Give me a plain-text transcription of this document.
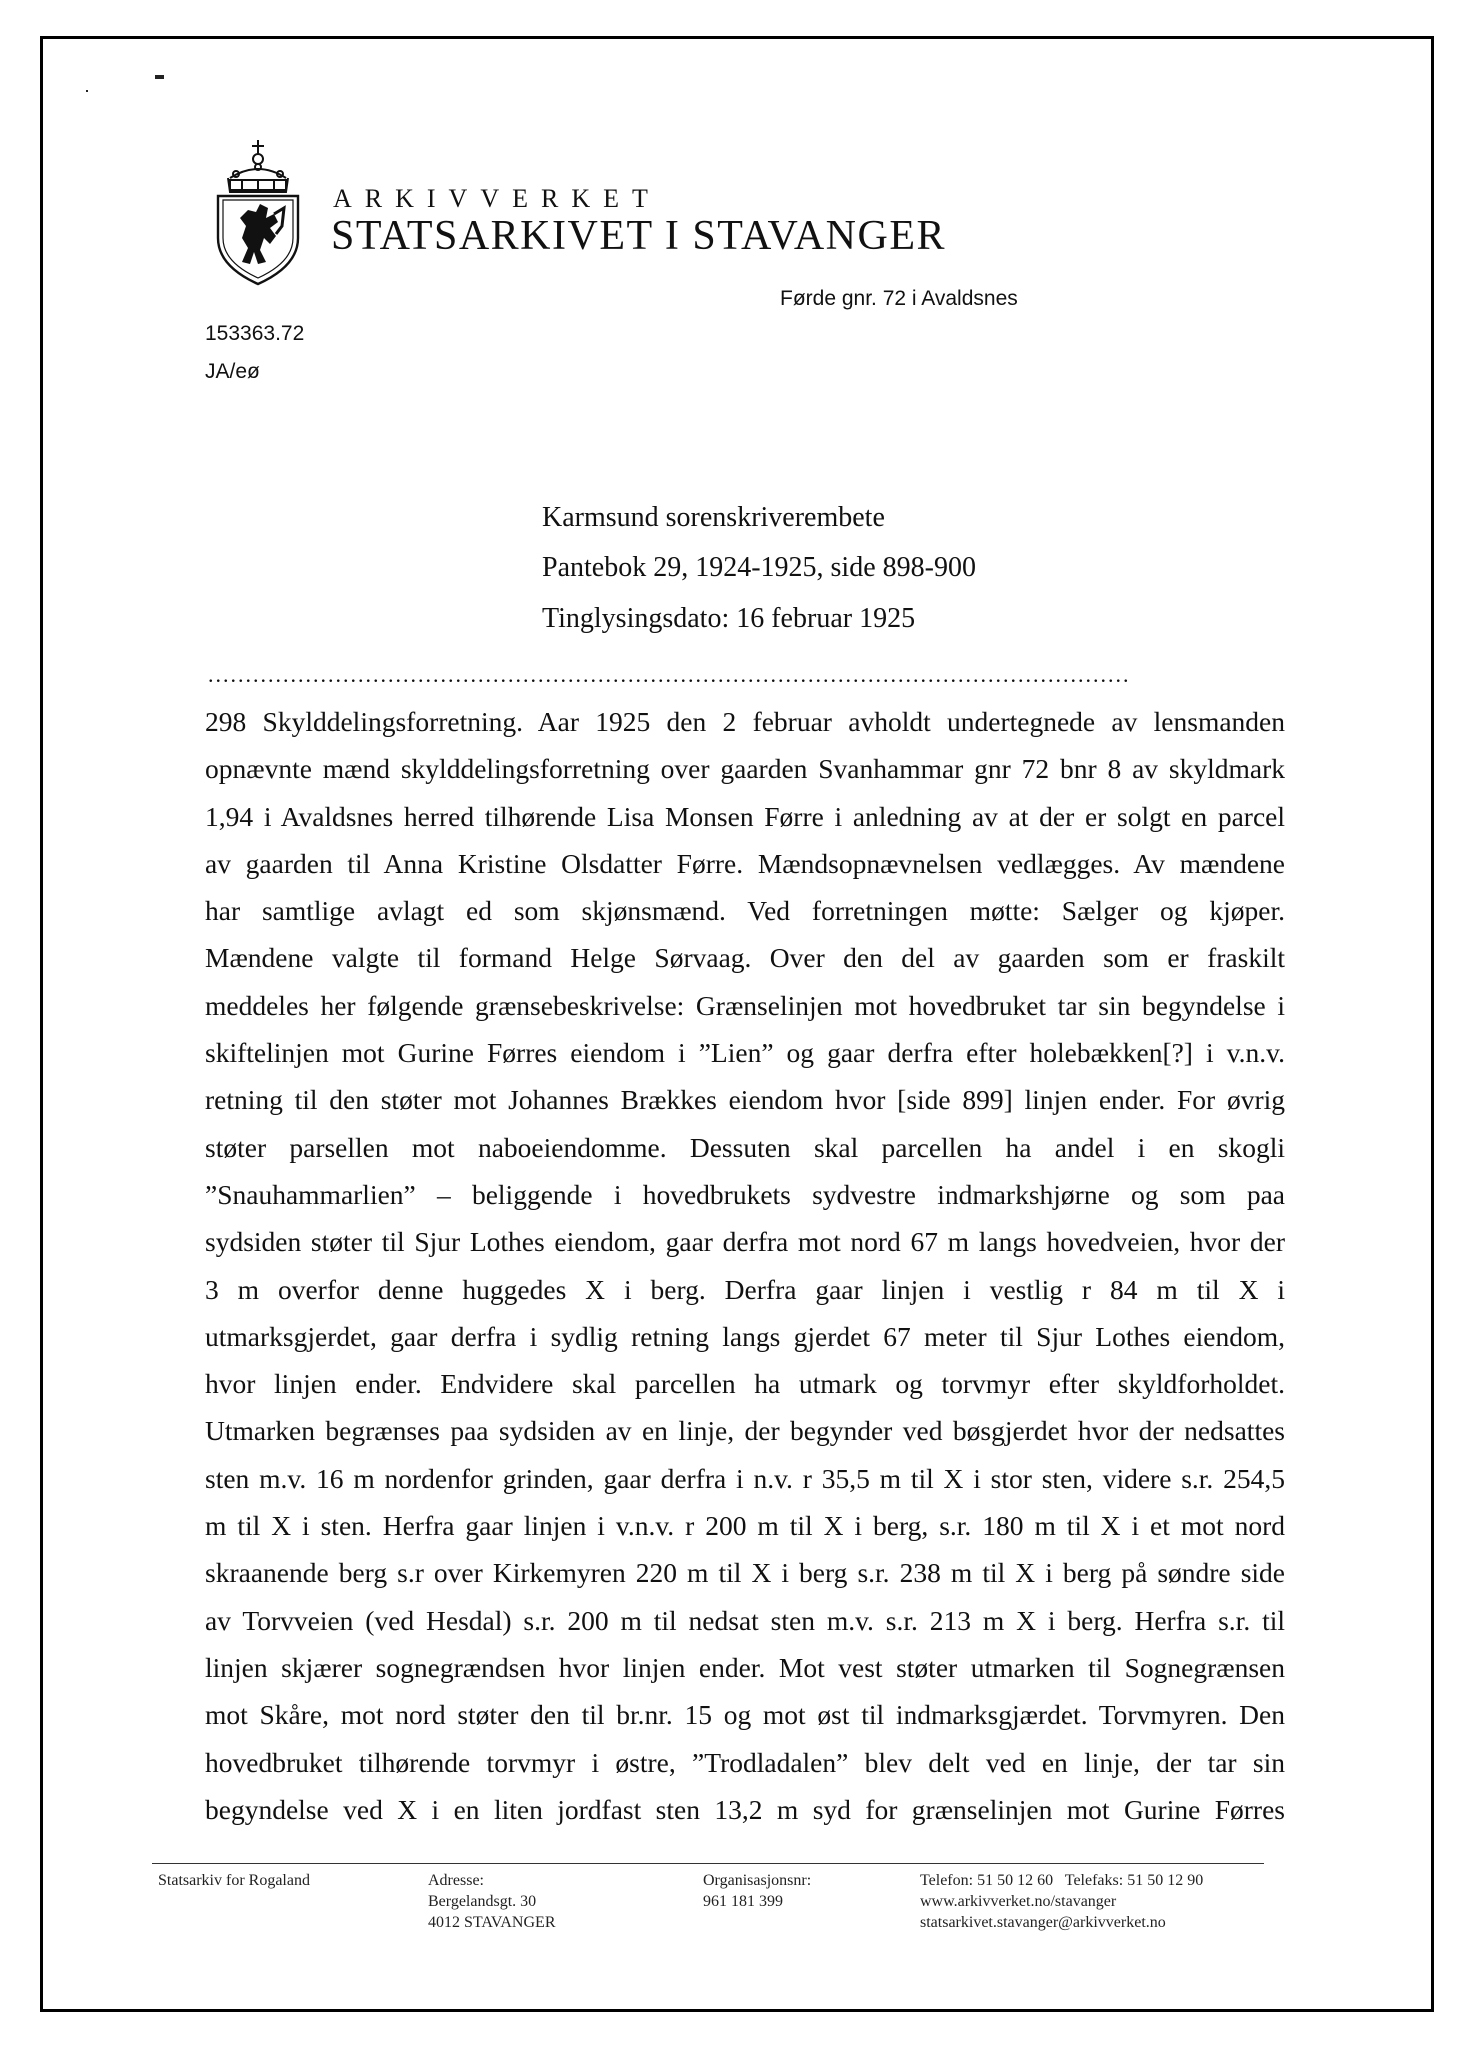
ARKIVVERKET
STATSARKIVET I STAVANGER
Førde gnr. 72 i Avaldsnes
153363.72
JA/eø
Karmsund sorenskriverembete
Pantebok 29, 1924-1925, side 898-900
Tinglysingsdato: 16 februar 1925
...........................................................................................................................
298 Skylddelingsforretning. Aar 1925 den 2 februar avholdt undertegnede av lensmanden
opnævnte mænd skylddelingsforretning over gaarden Svanhammar gnr 72 bnr 8 av skyldmark
1,94 i Avaldsnes herred tilhørende Lisa Monsen Førre i anledning av at der er solgt en parcel
av gaarden til Anna Kristine Olsdatter Førre. Mændsopnævnelsen vedlægges. Av mændene
har samtlige avlagt ed som skjønsmænd. Ved forretningen møtte: Sælger og kjøper.
Mændene valgte til formand Helge Sørvaag. Over den del av gaarden som er fraskilt
meddeles her følgende grænsebeskrivelse: Grænselinjen mot hovedbruket tar sin begyndelse i
skiftelinjen mot Gurine Førres eiendom i ”Lien” og gaar derfra efter holebækken[?] i v.n.v.
retning til den støter mot Johannes Brækkes eiendom hvor [side 899] linjen ender. For øvrig
støter parsellen mot naboeiendomme. Dessuten skal parcellen ha andel i en skogli
”Snauhammarlien” – beliggende i hovedbrukets sydvestre indmarkshjørne og som paa
sydsiden støter til Sjur Lothes eiendom, gaar derfra mot nord 67 m langs hovedveien, hvor der
3 m overfor denne huggedes X i berg. Derfra gaar linjen i vestlig r 84 m til X i
utmarksgjerdet, gaar derfra i sydlig retning langs gjerdet 67 meter til Sjur Lothes eiendom,
hvor linjen ender. Endvidere skal parcellen ha utmark og torvmyr efter skyldforholdet.
Utmarken begrænses paa sydsiden av en linje, der begynder ved bøsgjerdet hvor der nedsattes
sten m.v. 16 m nordenfor grinden, gaar derfra i n.v. r 35,5 m til X i stor sten, videre s.r. 254,5
m til X i sten. Herfra gaar linjen i v.n.v. r 200 m til X i berg, s.r. 180 m til X i et mot nord
skraanende berg s.r over Kirkemyren 220 m til X i berg s.r. 238 m til X i berg på søndre side
av Torvveien (ved Hesdal) s.r. 200 m til nedsat sten m.v. s.r. 213 m X i berg. Herfra s.r. til
linjen skjærer sognegrændsen hvor linjen ender. Mot vest støter utmarken til Sognegrænsen
mot Skåre, mot nord støter den til br.nr. 15 og mot øst til indmarksgjærdet. Torvmyren. Den
hovedbruket tilhørende torvmyr i østre, ”Trodladalen” blev delt ved en linje, der tar sin
begyndelse ved X i en liten jordfast sten 13,2 m syd for grænselinjen mot Gurine Førres
Statsarkiv for Rogaland	Adresse:
Bergelandsgt. 30
4012 STAVANGER
Organisasjonsnr:
961 181 399
Telefon: 51 50 12 60   Telefaks: 51 50 12 90
www.arkivverket.no/stavanger
statsarkivet.stavanger@arkivverket.no
